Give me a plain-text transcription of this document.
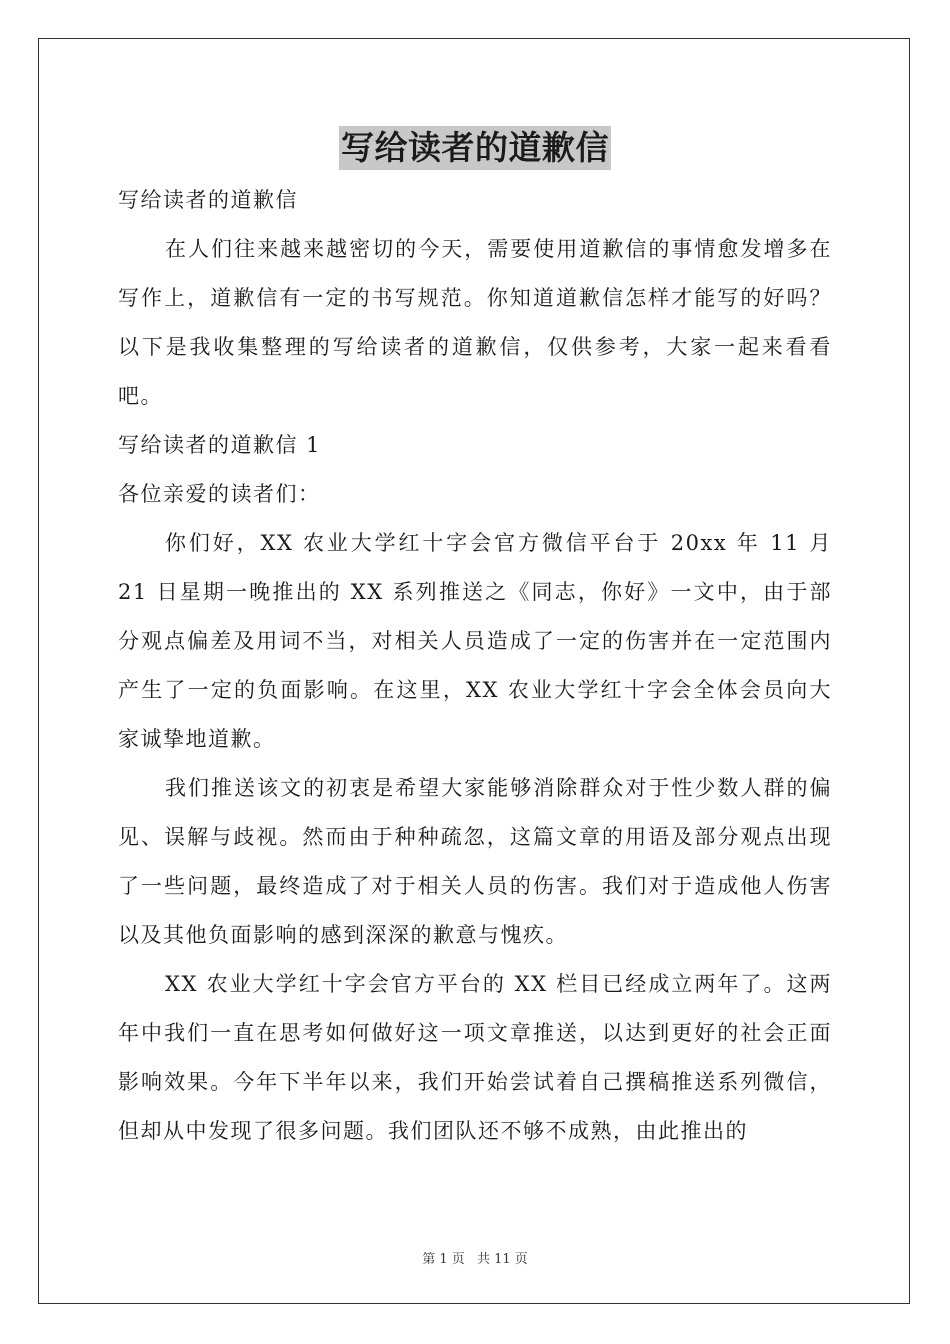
写给读者的道歉信

写给读者的道歉信

在人们往来越来越密切的今天，需要使用道歉信的事情愈发增多在写作上，道歉信有一定的书写规范。你知道道歉信怎样才能写的好吗？以下是我收集整理的写给读者的道歉信，仅供参考，大家一起来看看吧。

写给读者的道歉信 1

各位亲爱的读者们：

你们好，XX 农业大学红十字会官方微信平台于 20xx 年 11 月 21 日星期一晚推出的 XX 系列推送之《同志，你好》一文中，由于部分观点偏差及用词不当，对相关人员造成了一定的伤害并在一定范围内产生了一定的负面影响。在这里，XX 农业大学红十字会全体会员向大家诚挚地道歉。

我们推送该文的初衷是希望大家能够消除群众对于性少数人群的偏见、误解与歧视。然而由于种种疏忽，这篇文章的用语及部分观点出现了一些问题，最终造成了对于相关人员的伤害。我们对于造成他人伤害以及其他负面影响的感到深深的歉意与愧疚。

XX 农业大学红十字会官方平台的 XX 栏目已经成立两年了。这两年中我们一直在思考如何做好这一项文章推送，以达到更好的社会正面影响效果。今年下半年以来，我们开始尝试着自己撰稿推送系列微信，但却从中发现了很多问题。我们团队还不够不成熟，由此推出的

第 1 页 共 11 页
